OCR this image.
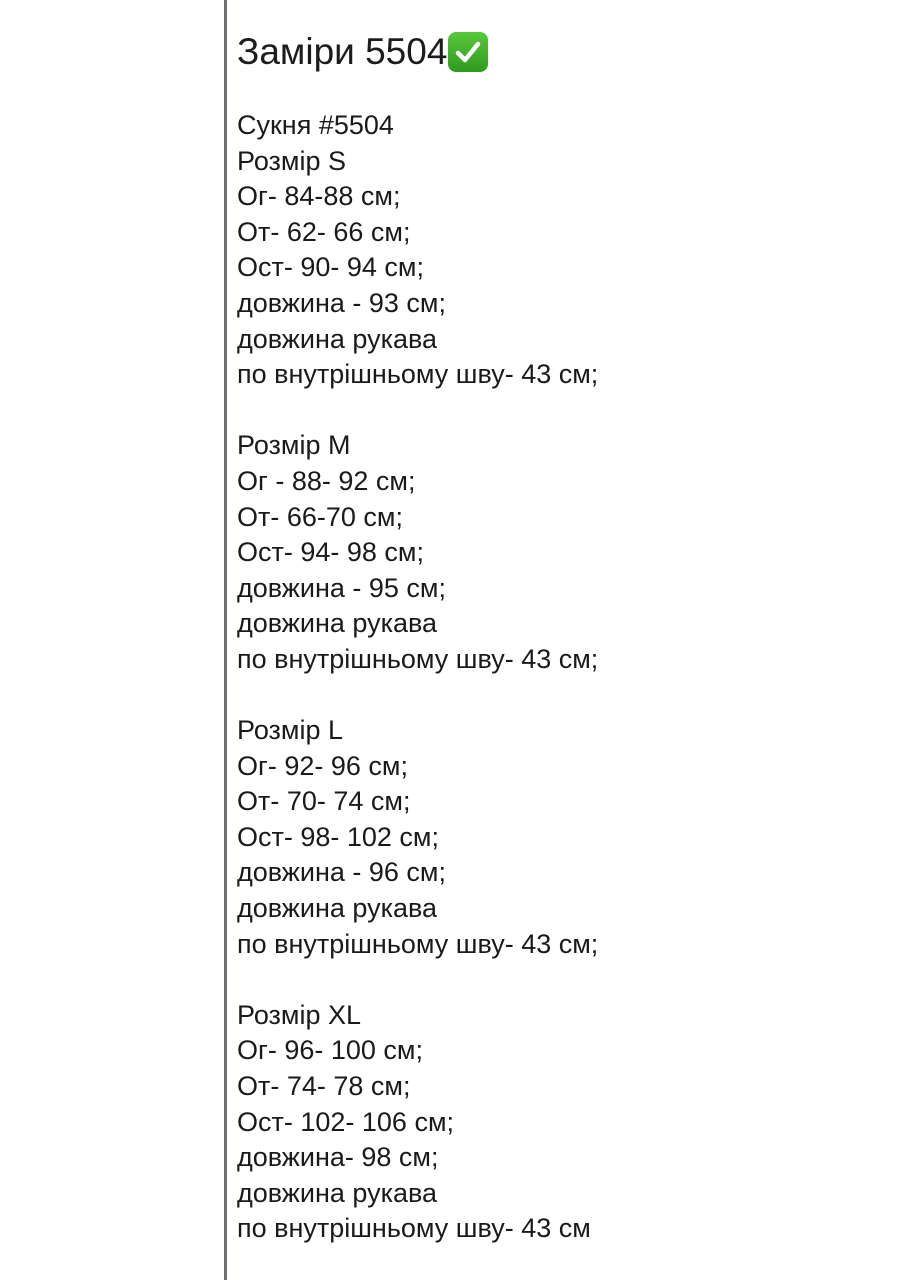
Заміри 5504
Сукня #5504
Розмір S
Ог- 84-88 см;
От- 62- 66 см;
Ост- 90- 94 см;
довжина - 93 см;
довжина рукава
по внутрішньому шву- 43 см;
Розмір M
Ог - 88- 92 см;
От- 66-70 см;
Ост- 94- 98 см;
довжина - 95 см;
довжина рукава
по внутрішньому шву- 43 см;
Розмір L
Ог- 92- 96 см;
От- 70- 74 см;
Ост- 98- 102 см;
довжина - 96 см;
довжина рукава
по внутрішньому шву- 43 см;
Розмір XL
Ог- 96- 100 см;
От- 74- 78 см;
Ост- 102- 106 см;
довжина- 98 см;
довжина рукава
по внутрішньому шву- 43 см
